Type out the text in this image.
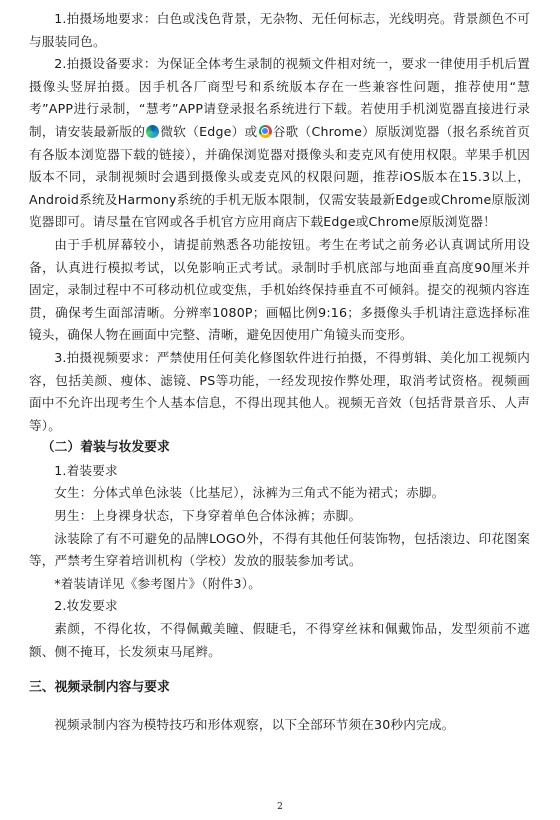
1.拍摄场地要求：白色或浅色背景，无杂物、无任何标志，光线明亮。背景颜色不可与服装同色。

2.拍摄设备要求：为保证全体考生录制的视频文件相对统一，要求一律使用手机后置摄像头竖屏拍摄。因手机各厂商型号和系统版本存在一些兼容性问题，推荐使用“慧考”APP进行录制，“慧考”APP请登录报名系统进行下载。若使用手机浏览器直接进行录制，请安装最新版的 微软（Edge）或 谷歌（Chrome）原版浏览器（报名系统首页有各版本浏览器下载的链接），并确保浏览器对摄像头和麦克风有使用权限。苹果手机因版本不同，录制视频时会遇到摄像头或麦克风的权限问题，推荐iOS版本在15.3以上，Android系统及Harmony系统的手机无版本限制，仅需安装最新Edge或Chrome原版浏览器即可。请尽量在官网或各手机官方应用商店下载Edge或Chrome原版浏览器！

由于手机屏幕较小，请提前熟悉各功能按钮。考生在考试之前务必认真调试所用设备，认真进行模拟考试，以免影响正式考试。录制时手机底部与地面垂直高度90厘米并固定，录制过程中不可移动机位或变焦，手机始终保持垂直不可倾斜。提交的视频内容连贯，确保考生面部清晰。分辨率1080P；画幅比例9:16；多摄像头手机请注意选择标准镜头，确保人物在画面中完整、清晰，避免因使用广角镜头而变形。

3.拍摄视频要求：严禁使用任何美化修图软件进行拍摄，不得剪辑、美化加工视频内容，包括美颜、瘦体、滤镜、PS等功能，一经发现按作弊处理，取消考试资格。视频画面中不允许出现考生个人基本信息，不得出现其他人。视频无音效（包括背景音乐、人声等）。

（二）着装与妆发要求

1.着装要求

女生：分体式单色泳装（比基尼），泳裤为三角式不能为裙式；赤脚。

男生：上身裸身状态，下身穿着单色合体泳裤；赤脚。

泳装除了有不可避免的品牌LOGO外，不得有其他任何装饰物，包括滚边、印花图案等，严禁考生穿着培训机构（学校）发放的服装参加考试。

*着装请详见《参考图片》（附件3）。

2.妆发要求

素颜，不得化妆，不得佩戴美瞳、假睫毛，不得穿丝袜和佩戴饰品，发型须前不遮额、侧不掩耳，长发须束马尾辫。

三、视频录制内容与要求

视频录制内容为模特技巧和形体观察，以下全部环节须在30秒内完成。

2
